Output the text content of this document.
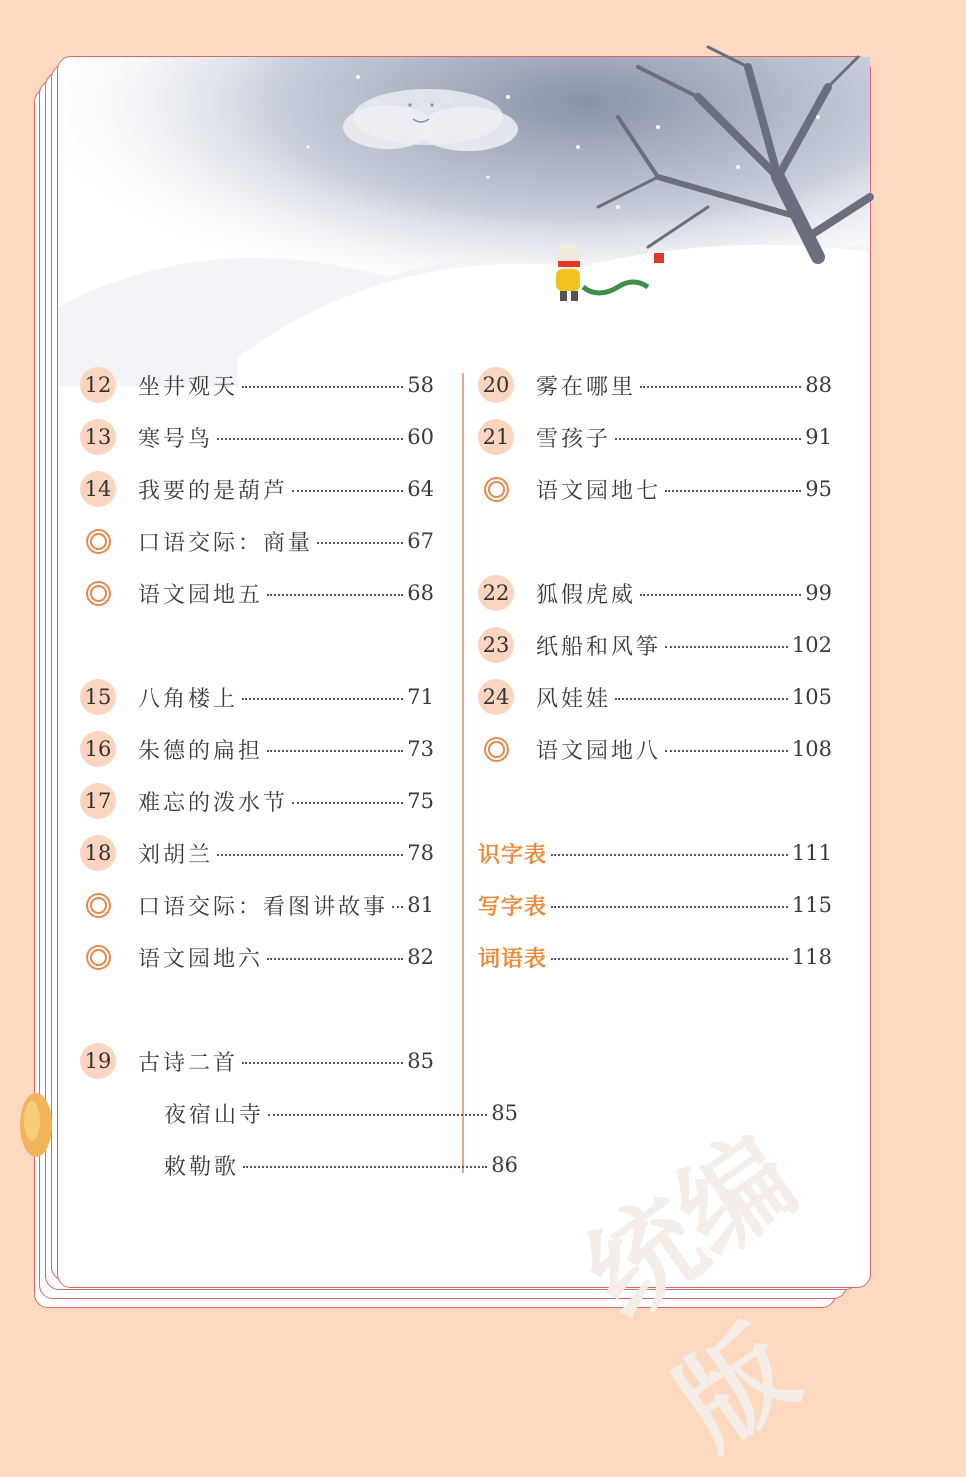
统编版
12 坐井观天	58
13 寒号鸟	60
14 我要的是葫芦	64
口语交际：商量	67
语文园地五	68
15 八角楼上	71
16 朱德的扁担	73
17 难忘的泼水节	75
18 刘胡兰	78
口语交际：看图讲故事 81
语文园地六	82
19 古诗二首	85
夜宿山寺	85
敕勒歌	86
20 雾在哪里	88
21 雪孩子	91
语文园地七	95
22 狐假虎威	99
23 纸船和风筝	102
24 风娃娃	105
语文园地八	108
识字表	111
写字表	115
词语表	118
